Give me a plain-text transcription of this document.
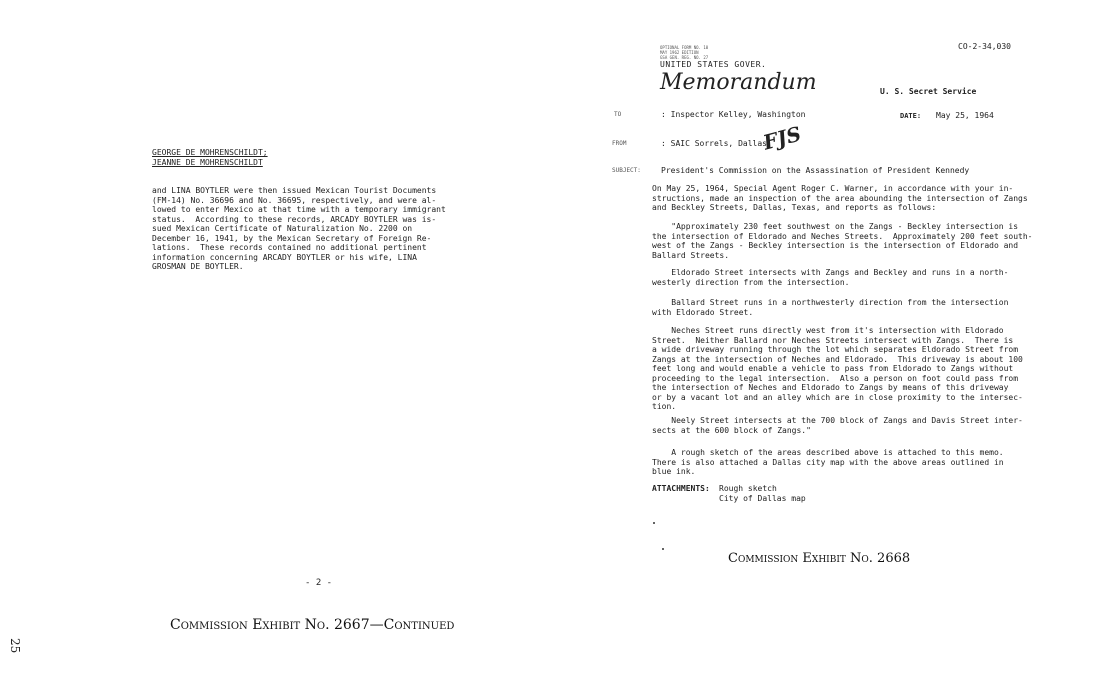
GEORGE DE MOHRENSCHILDT;
JEANNE DE MOHRENSCHILDT
and LINA BOYTLER were then issued Mexican Tourist Documents
(FM-14) No. 36696 and No. 36695, respectively, and were al-
lowed to enter Mexico at that time with a temporary immigrant
status.  According to these records, ARCADY BOYTLER was is-
sued Mexican Certificate of Naturalization No. 2200 on
December 16, 1941, by the Mexican Secretary of Foreign Re-
lations.  These records contained no additional pertinent
information concerning ARCADY BOYTLER or his wife, LINA
GROSMAN DE BOYTLER.
- 2 -
Commission Exhibit No. 2667—Continued
25
OPTIONAL FORM NO. 10
MAY 1962 EDITION
GSA GEN. REG. NO. 27
CO-2-34,030
UNITED STATES GOVER.
Memorandum	U. S. Secret Service
TO	: Inspector Kelley, Washington	DATE: May 25, 1964
FROM	: SAIC Sorrels, Dallas
FJS
SUBJECT:	President's Commission on the Assassination of President Kennedy
On May 25, 1964, Special Agent Roger C. Warner, in accordance with your in-
structions, made an inspection of the area abounding the intersection of Zangs
and Beckley Streets, Dallas, Texas, and reports as follows:
"Approximately 230 feet southwest on the Zangs - Beckley intersection is
the intersection of Eldorado and Neches Streets.  Approximately 200 feet south-
west of the Zangs - Beckley intersection is the intersection of Eldorado and
Ballard Streets.
Eldorado Street intersects with Zangs and Beckley and runs in a north-
westerly direction from the intersection.
Ballard Street runs in a northwesterly direction from the intersection
with Eldorado Street.
Neches Street runs directly west from it's intersection with Eldorado
Street.  Neither Ballard nor Neches Streets intersect with Zangs.  There is
a wide driveway running through the lot which separates Eldorado Street from
Zangs at the intersection of Neches and Eldorado.  This driveway is about 100
feet long and would enable a vehicle to pass from Eldorado to Zangs without
proceeding to the legal intersection.  Also a person on foot could pass from
the intersection of Neches and Eldorado to Zangs by means of this driveway
or by a vacant lot and an alley which are in close proximity to the intersec-
tion.
Neely Street intersects at the 700 block of Zangs and Davis Street inter-
sects at the 600 block of Zangs."
A rough sketch of the areas described above is attached to this memo.
There is also attached a Dallas city map with the above areas outlined in
blue ink.
ATTACHMENTS: Rough sketch
City of Dallas map
Commission Exhibit No. 2668
